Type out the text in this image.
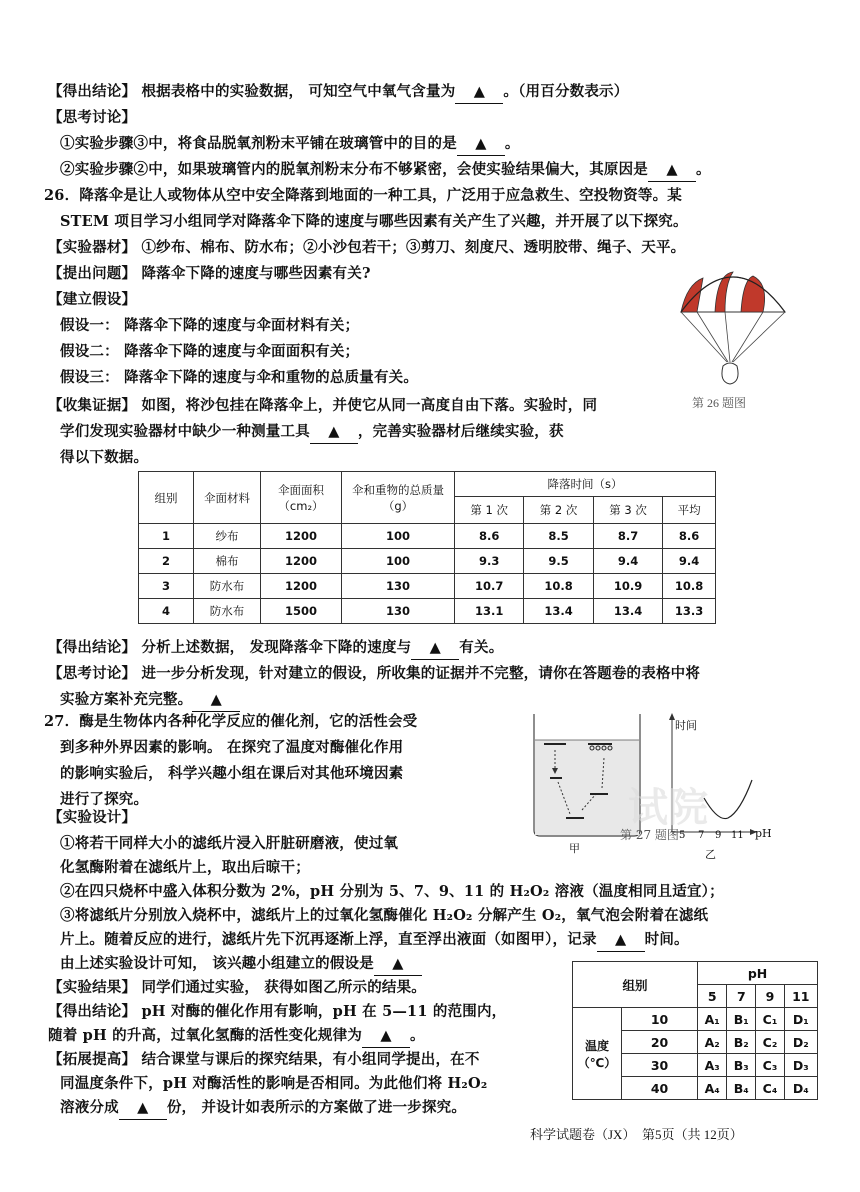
【得出结论】 根据表格中的实验数据， 可知空气中氧气含量为 ▲ 。（用百分数表示）
【思考讨论】
①实验步骤③中，将食品脱氧剂粉末平铺在玻璃管中的目的是 ▲ 。
②实验步骤②中，如果玻璃管内的脱氧剂粉末分布不够紧密，会使实验结果偏大，其原因是 ▲ 。
26．降落伞是让人或物体从空中安全降落到地面的一种工具，广泛用于应急救生、空投物资等。某
STEM 项目学习小组同学对降落伞下降的速度与哪些因素有关产生了兴趣，并开展了以下探究。
【实验器材】 ①纱布、棉布、防水布；②小沙包若干；③剪刀、刻度尺、透明胶带、绳子、天平。
【提出问题】 降落伞下降的速度与哪些因素有关?
【建立假设】
假设一： 降落伞下降的速度与伞面材料有关；
假设二： 降落伞下降的速度与伞面面积有关；
假设三： 降落伞下降的速度与伞和重物的总质量有关。
【收集证据】 如图，将沙包挂在降落伞上，并使它从同一高度自由下落。实验时，同
学们发现实验器材中缺少一种测量工具 ▲ ，完善实验器材后继续实验，获
得以下数据。
第 26 题图
组别	伞面材料	伞面面积（cm₂）	伞和重物的总质量（g）	降落时间（s）			
				第 1 次	第 2 次	第 3 次	平均
1	纱布	1200	100	8.6	8.5	8.7	8.6
2	棉布	1200	100	9.3	9.5	9.4	9.4
3	防水布	1200	130	10.7	10.8	10.9	10.8
4	防水布	1500	130	13.1	13.4	13.4	13.3
【得出结论】 分析上述数据， 发现降落伞下降的速度与 ▲ 有关。
【思考讨论】 进一步分析发现，针对建立的假设，所收集的证据并不完整，请你在答题卷的表格中将
实验方案补充完整。 ▲
27．酶是生物体内各种化学反应的催化剂，它的活性会受
到多种外界因素的影响。 在探究了温度对酶催化作用
的影响实验后， 科学兴趣小组在课后对其他环境因素
进行了探究。
【实验设计】
①将若干同样大小的滤纸片浸入肝脏研磨液，使过氧
化氢酶附着在滤纸片上，取出后晾干；
②在四只烧杯中盛入体积分数为 2%，pH 分别为 5、7、9、11 的 H₂O₂ 溶液（温度相同且适宜）；
③将滤纸片分别放入烧杯中，滤纸片上的过氧化氢酶催化 H₂O₂ 分解产生 O₂，氧气泡会附着在滤纸
片上。随着反应的进行，滤纸片先下沉再逐渐上浮，直至浮出液面（如图甲），记录 ▲ 时间。
由上述实验设计可知， 该兴趣小组建立的假设是 ▲
【实验结果】 同学们通过实验， 获得如图乙所示的结果。
【得出结论】 pH 对酶的催化作用有影响，pH 在 5—11 的范围内，
随着 pH 的升高，过氧化氢酶的活性变化规律为 ▲ 。
【拓展提高】 结合课堂与课后的探究结果，有小组同学提出，在不
同温度条件下，pH 对酶活性的影响是否相同。为此他们将 H₂O₂
溶液分成 ▲ 份， 并设计如表所示的方案做了进一步探究。
时间
pH
5 7 9 11
甲	乙
第 27 题图
试院
组别		pH			
		5	7	9	11
温度（℃）	10	A₁	B₁	C₁	D₁
	20	A₂	B₂	C₂	D₂
	30	A₃	B₃	C₃	D₃
	40	A₄	B₄	C₄	D₄
科学试题卷（JX）　第5页（共 12页）
